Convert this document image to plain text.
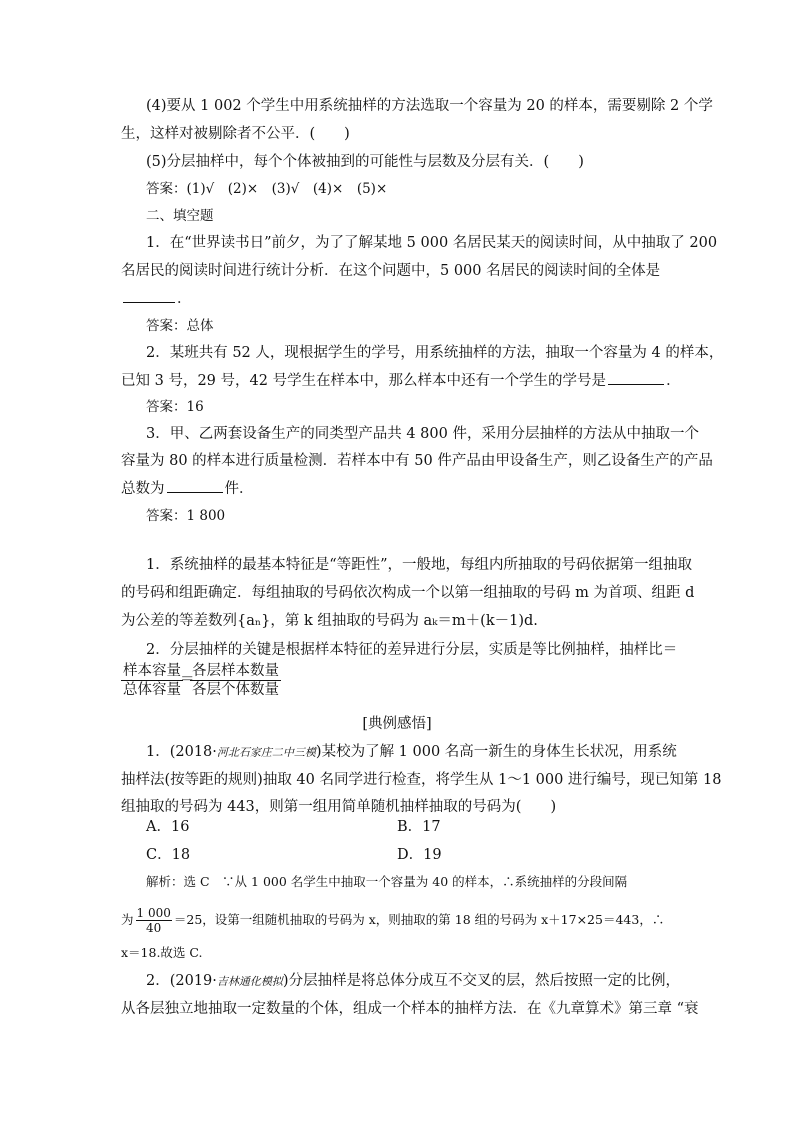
(4)要从 1 002 个学生中用系统抽样的方法选取一个容量为 20 的样本，需要剔除 2 个学
生，这样对被剔除者不公平．(　　)
(5)分层抽样中，每个个体被抽到的可能性与层数及分层有关．(　　)
答案：(1)√　(2)×　(3)√　(4)×　(5)×
二、填空题
1．在“世界读书日”前夕，为了了解某地 5 000 名居民某天的阅读时间，从中抽取了 200
名居民的阅读时间进行统计分析．在这个问题中，5 000 名居民的阅读时间的全体是
．
答案：总体
2．某班共有 52 人，现根据学生的学号，用系统抽样的方法，抽取一个容量为 4 的样本，
已知 3 号，29 号，42 号学生在样本中，那么样本中还有一个学生的学号是	．
答案：16
3．甲、乙两套设备生产的同类型产品共 4 800 件，采用分层抽样的方法从中抽取一个
容量为 80 的样本进行质量检测．若样本中有 50 件产品由甲设备生产，则乙设备生产的产品
总数为	件．
答案：1 800
1．系统抽样的最基本特征是“等距性”，一般地，每组内所抽取的号码依据第一组抽取
的号码和组距确定．每组抽取的号码依次构成一个以第一组抽取的号码 m 为首项、组距 d
为公差的等差数列{aₙ}，第 k 组抽取的号码为 aₖ＝m＋(k－1)d.
2．分层抽样的关键是根据样本特征的差异进行分层，实质是等比例抽样，抽样比＝
样本容量
总体容量
＝
各层样本数量
各层个体数量
[典例感悟]
1．(2018·河北石家庄二中三模)某校为了解 1 000 名高一新生的身体生长状况，用系统
抽样法(按等距的规则)抽取 40 名同学进行检查，将学生从 1～1 000 进行编号，现已知第 18
组抽取的号码为 443，则第一组用简单随机抽样抽取的号码为(　　)
A．16	B．17
C．18	D．19
解析：选 C　∵从 1 000 名学生中抽取一个容量为 40 的样本，∴系统抽样的分段间隔
为 $\frac{1 000}{40} =25$，设第一组随机抽取的号码为 x，则抽取的第 18 组的号码为 x＋17×25＝443，∴
x＝18.故选 C.
2．(2019·吉林通化模拟)分层抽样是将总体分成互不交叉的层，然后按照一定的比例，
从各层独立地抽取一定数量的个体，组成一个样本的抽样方法．在《九章算术》第三章 “衰
